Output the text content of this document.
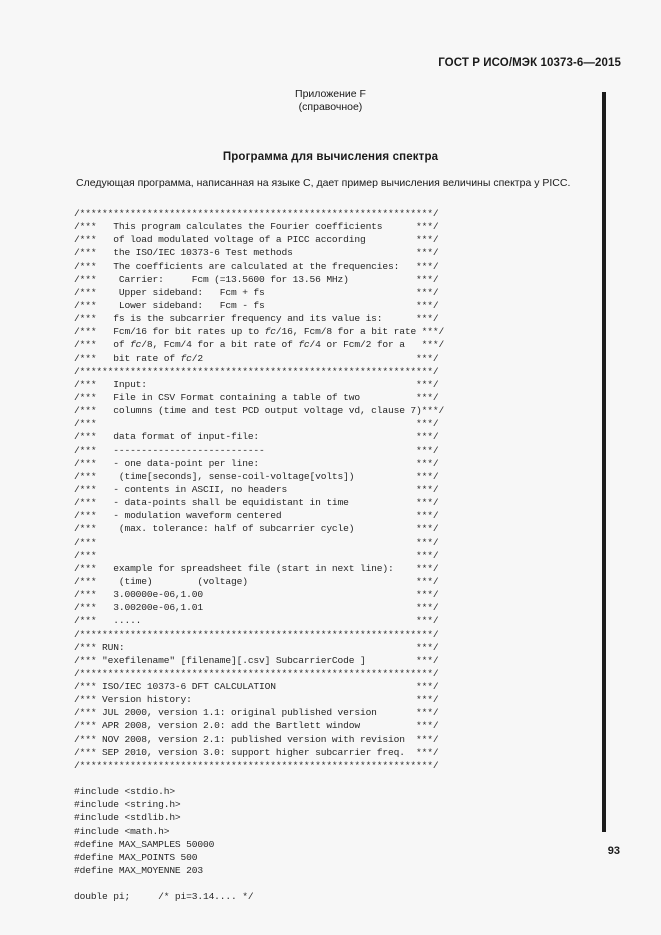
ГОСТ Р ИСО/МЭК 10373-6—2015
Приложение F
(справочное)
Программа для вычисления спектра
Следующая программа, написанная на языке С, дает пример вычисления величины спектра у PICC.
/***************************************************************/
/***   This program calculates the Fourier coefficients      ***/
/***   of load modulated voltage of a PICC according         ***/
/***   the ISO/IEC 10373-6 Test methods                      ***/
/***   The coefficients are calculated at the frequencies:   ***/
/***    Carrier:     Fcm (=13.5600 for 13.56 MHz)            ***/
/***    Upper sideband:   Fcm + fs                           ***/
/***    Lower sideband:   Fcm - fs                           ***/
/***   fs is the subcarrier frequency and its value is:      ***/
/***   Fcm/16 for bit rates up to fc/16, Fcm/8 for a bit rate ***/
/***   of fc/8, Fcm/4 for a bit rate of fc/4 or Fcm/2 for a   ***/
/***   bit rate of fc/2                                      ***/
/***************************************************************/
/***   Input:                                                ***/
/***   File in CSV Format containing a table of two          ***/
/***   columns (time and test PCD output voltage vd, clause 7)***/
/***                                                         ***/
/***   data format of input-file:                            ***/
/***   ---------------------------                           ***/
/***   - one data-point per line:                            ***/
/***    (time[seconds], sense-coil-voltage[volts])           ***/
/***   - contents in ASCII, no headers                       ***/
/***   - data-points shall be equidistant in time            ***/
/***   - modulation waveform centered                        ***/
/***    (max. tolerance: half of subcarrier cycle)           ***/
/***                                                         ***/
/***                                                         ***/
/***   example for spreadsheet file (start in next line):    ***/
/***    (time)        (voltage)                              ***/
/***   3.00000e-06,1.00                                      ***/
/***   3.00200e-06,1.01                                      ***/
/***   .....                                                 ***/
/***************************************************************/
/*** RUN:                                                    ***/
/*** "exefilename" [filename][.csv] SubcarrierCode ]         ***/
/***************************************************************/
/*** ISO/IEC 10373-6 DFT CALCULATION                         ***/
/*** Version history:                                        ***/
/*** JUL 2000, version 1.1: original published version       ***/
/*** APR 2008, version 2.0: add the Bartlett window          ***/
/*** NOV 2008, version 2.1: published version with revision  ***/
/*** SEP 2010, version 3.0: support higher subcarrier freq.  ***/
/***************************************************************/
#include <stdio.h>
#include <string.h>
#include <stdlib.h>
#include <math.h>
#define MAX_SAMPLES 50000
#define MAX_POINTS 500
#define MAX_MOYENNE 203
double pi;     /* pi=3.14.... */
93
